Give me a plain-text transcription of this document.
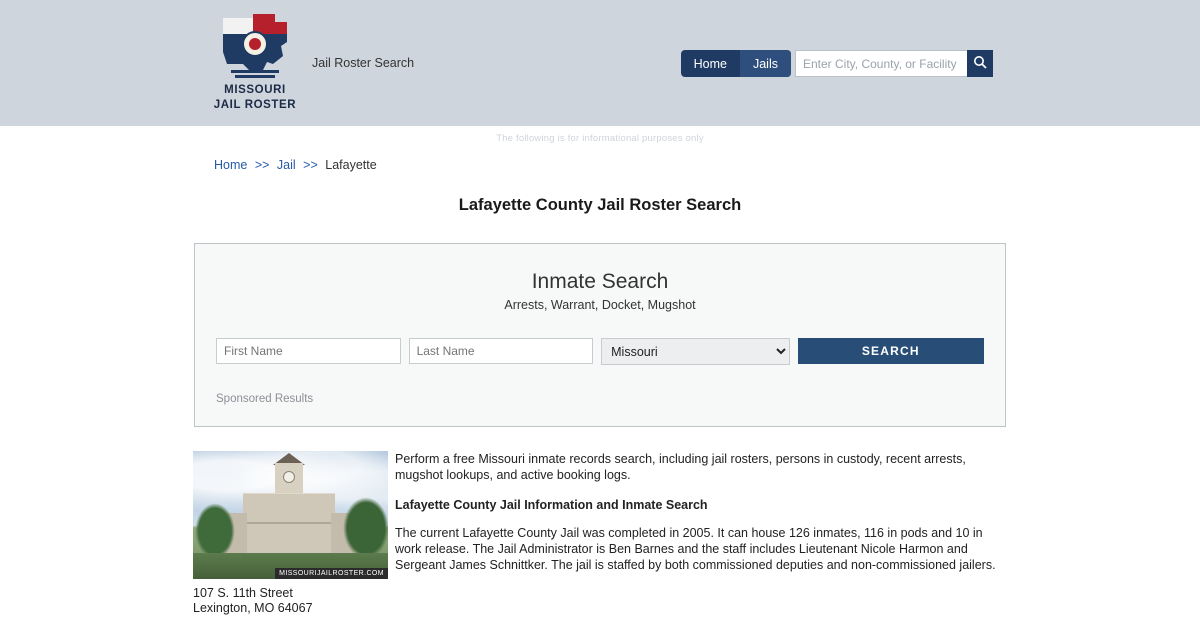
MISSOURI
JAIL ROSTER
Jail Roster Search	Home	Jails
Enter City, County, or Facility
The following is for informational purposes only
Home >> Jail >> Lafayette
Lafayette County Jail Roster Search
Inmate Search
Arrests, Warrant, Docket, Mugshot
First Name
Last Name
Missouri
SEARCH
Sponsored Results
MISSOURIJAILROSTER.COM
107 S. 11th Street
Lexington, MO 64067

Perform a free Missouri inmate records search, including jail rosters, persons in custody, recent arrests, mugshot lookups, and active booking logs.

Lafayette County Jail Information and Inmate Search

The current Lafayette County Jail was completed in 2005. It can house 126 inmates, 116 in pods and 10 in work release. The Jail Administrator is Ben Barnes and the staff includes Lieutenant Nicole Harmon and Sergeant James Schnittker. The jail is staffed by both commissioned deputies and non-commissioned jailers.
